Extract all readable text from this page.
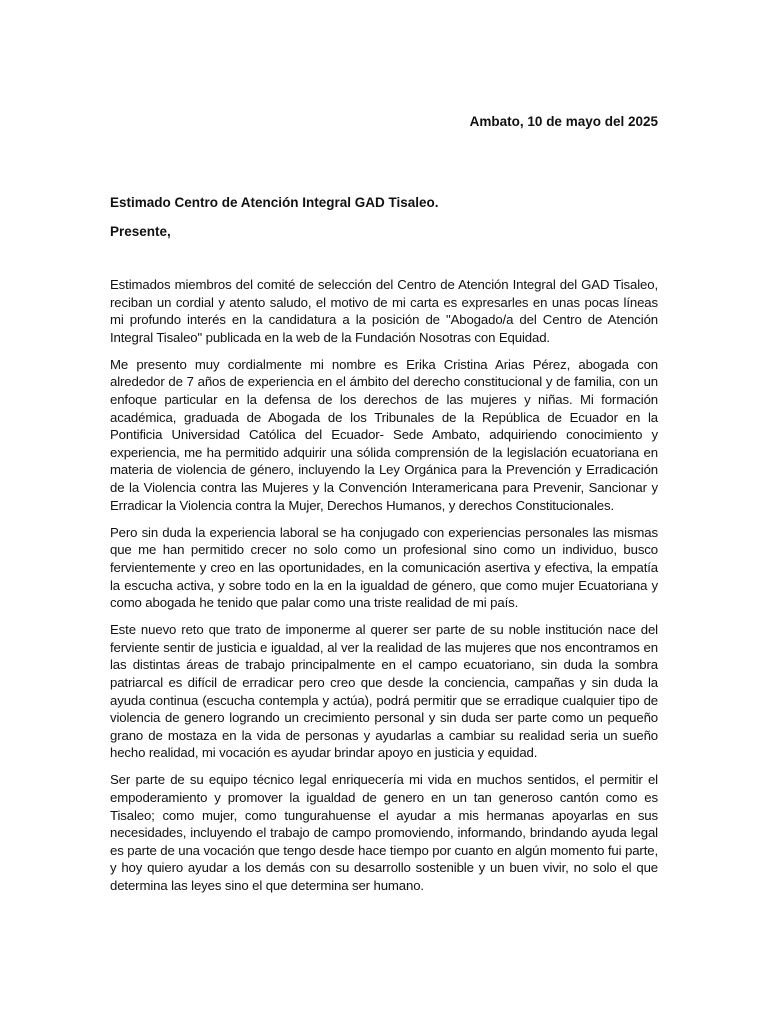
Ambato, 10 de mayo del 2025

Estimado Centro de Atención Integral GAD Tisaleo.

Presente,

Estimados miembros del comité de selección del Centro de Atención Integral del GAD Tisaleo, reciban un cordial y atento saludo, el motivo de mi carta es expresarles en unas pocas líneas mi profundo interés en la candidatura a la posición de "Abogado/a del Centro de Atención Integral Tisaleo" publicada en la web de la Fundación Nosotras con Equidad.

Me presento muy cordialmente mi nombre es Erika Cristina Arias Pérez, abogada con alrededor de 7 años de experiencia en el ámbito del derecho constitucional y de familia, con un enfoque particular en la defensa de los derechos de las mujeres y niñas. Mi formación académica, graduada de Abogada de los Tribunales de la República de Ecuador en la Pontificia Universidad Católica del Ecuador- Sede Ambato, adquiriendo conocimiento y experiencia, me ha permitido adquirir una sólida comprensión de la legislación ecuatoriana en materia de violencia de género, incluyendo la Ley Orgánica para la Prevención y Erradicación de la Violencia contra las Mujeres y la Convención Interamericana para Prevenir, Sancionar y Erradicar la Violencia contra la Mujer, Derechos Humanos, y derechos Constitucionales.

Pero sin duda la experiencia laboral se ha conjugado con experiencias personales las mismas que me han permitido crecer no solo como un profesional sino como un individuo, busco fervientemente y creo en las oportunidades, en la comunicación asertiva y efectiva, la empatía la escucha activa, y sobre todo en la en la igualdad de género, que como mujer Ecuatoriana y como abogada he tenido que palar como una triste realidad de mi país.

Este nuevo reto que trato de imponerme al querer ser parte de su noble institución nace del ferviente sentir de justicia e igualdad, al ver la realidad de las mujeres que nos encontramos en las distintas áreas de trabajo principalmente en el campo ecuatoriano, sin duda la sombra patriarcal es difícil de erradicar pero creo que desde la conciencia, campañas y sin duda la ayuda continua (escucha contempla y actúa), podrá permitir que se erradique cualquier tipo de violencia de genero logrando un crecimiento personal y sin duda ser parte como un pequeño grano de mostaza en la vida de personas y ayudarlas a cambiar su realidad seria un sueño hecho realidad, mi vocación es ayudar brindar apoyo en justicia y equidad.

Ser parte de su equipo técnico legal enriquecería mi vida en muchos sentidos, el permitir el empoderamiento y promover la igualdad de genero en un tan generoso cantón como es Tisaleo; como mujer, como tungurahuense el ayudar a mis hermanas apoyarlas en sus necesidades, incluyendo el trabajo de campo promoviendo, informando, brindando ayuda legal es parte de una vocación que tengo desde hace tiempo por cuanto en algún momento fui parte, y hoy quiero ayudar a los demás con su desarrollo sostenible y un buen vivir, no solo el que determina las leyes sino el que determina ser humano.
